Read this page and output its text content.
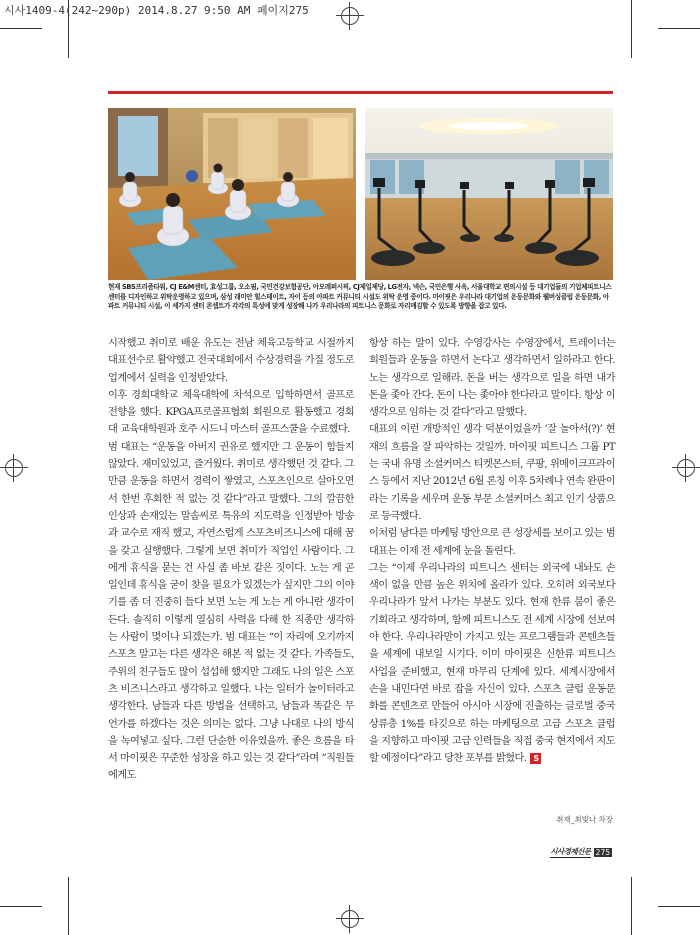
시사1409-4(242~290p) 2014.8.27 9:50 AM 페이지275
현재 SBS프리즘타워, CJ E&M센터, 효성그룹, 오소핌, 국민건강보험공단, 아모레퍼시픽, CJ제일제당, LG전자, 넥슨, 국민은행 사옥, 서울대학교 편의시설 등 대기업들의 기업체피트니스센터를 디자인하고 위탁운영하고 있으며, 삼성 래미안 힐스테이트, 자이 등의 아파트 커뮤니티 시설도 위탁 운영 중이다. 마이핏은 우리나라 대기업의 운동문화와 웰버싱클럽 운동문화, 아파트 커뮤니티 시설, 이 세가지 센터 콘셉트가 각각의 특성에 맞게 성장해 나가 우리나라의 피트니스 문화로 자리매김할 수 있도록 방향을 잡고 있다.

시작했고 취미로 배운 유도는 전남 체육고등학교 시절까지 대표선수로 활약했고 전국대회에서 수상경력을 가질 정도로 업계에서 실력을 인정받았다.

이후 경희대학교 체육대학에 차석으로 입학하면서 골프로 전향을 했다. KPGA프로골프협회 회원으로 활동했고 경희대 교육대학원과 호주 시드니 마스터 골프스쿨을 수료했다.

범 대표는 “운동을 아버지 권유로 했지만 그 운동이 힘들지 않았다. 재미있었고, 즐거웠다. 취미로 생각했던 것 같다. 그만큼 운동을 하면서 경력이 쌓였고, 스포츠인으로 살아오면서 한번 후회한 적 없는 것 같다”라고 말했다. 그의 깔끔한 인상과 손재있는 말솜씨로 특유의 지도력을 인정받아 방송과 교수로 재직 했고, 자연스럽게 스포츠비즈니스에 대해 꿈을 갖고 실행했다. 그렇게 보면 취미가 직업인 사람이다. 그에게 휴식을 묻는 건 사실 좀 바보 같은 짓이다. 노는 게 곧 일인데 휴식을 굳이 찾을 필요가 있겠는가 싶지만 그의 이야기를 좀 더 진중히 들다 보면 노는 게 노는 게 아니란 생각이 든다. 솔직히 이렇게 열심히 사력을 다해 한 직종만 생각하는 사람이 몇이나 되겠는가. 범 대표는 “이 자리에 오기까지 스포츠 말고는 다른 생각은 해본 적 없는 것 같다. 가족들도, 주위의 친구들도 많이 섭섭해 했지만 그래도 나의 일은 스포츠 비즈니스라고 생각하고 일했다. 나는 일터가 놀이터라고 생각한다. 남들과 다른 방법을 선택하고, 남들과 똑같은 무언가를 하겠다는 것은 의미는 없다. 그냥 나대로 나의 방식을 녹여넣고 싶다. 그런 단순한 이유였을까. 좋은 흐름을 타서 마이핏은 꾸준한 성장을 하고 있는 것 같다”라며 “직원들에게도

항상 하는 말이 있다. 수영강사는 수영장에서, 트레이너는 회원들과 운동을 하면서 논다고 생각하면서 일하라고 한다. 노는 생각으로 일해라. 돈을 버는 생각으로 일을 하면 내가 돈을 좇아 간다. 돈이 나는 좇아야 한다라고 말이다. 항상 이 생각으로 임하는 것 같다”라고 말했다.

대표의 이런 개방적인 생각 덕분이었을까 ‘잘 놀아서(?)’ 현재의 흐름을 잘 파악하는 것일까. 마이핏 피트니스 그룹 PT는 국내 유명 소셜커머스 티켓몬스터, 쿠팡, 위메이크프라이스 등에서 지난 2012년 6월 론칭 이후 5차례나 연속 완판이라는 기록을 세우며 운동 부문 소셜커머스 최고 인기 상품으로 등극했다.

이처럼 남다른 마케팅 방안으로 큰 성장세를 보이고 있는 범 대표는 이제 전 세계에 눈을 돌린다.

그는 “이제 우리나라의 피트니스 센터는 외국에 내놔도 손색이 없을 만큼 높은 위치에 올라가 있다. 오히려 외국보다 우리나라가 앞서 나가는 부분도 있다. 현재 한류 붐이 좋은 기회라고 생각하며, 함께 피트니스도 전 세계 시장에 선보여야 한다. 우리나라만이 가지고 있는 프로그램들과 콘텐츠들을 세계에 내보일 시기다. 이미 마이핏은 신한류 피트니스 사업을 준비했고, 현재 마무리 단계에 있다. 세계시장에서 손을 내민다면 바로 잡을 자신이 있다. 스포츠 클럽 운동문화를 콘텐츠로 만들어 아시아 시장에 진출하는 글로벌 중국 상류층 1%를 타깃으로 하는 마케팅으로 고급 스포츠 클럽을 지향하고 마이핏 고급 인력들을 직접 중국 현지에서 지도 할 예정이다”라고 당찬 포부를 밝혔다. S

취재_최빛나 차장
시사경제신문 275
